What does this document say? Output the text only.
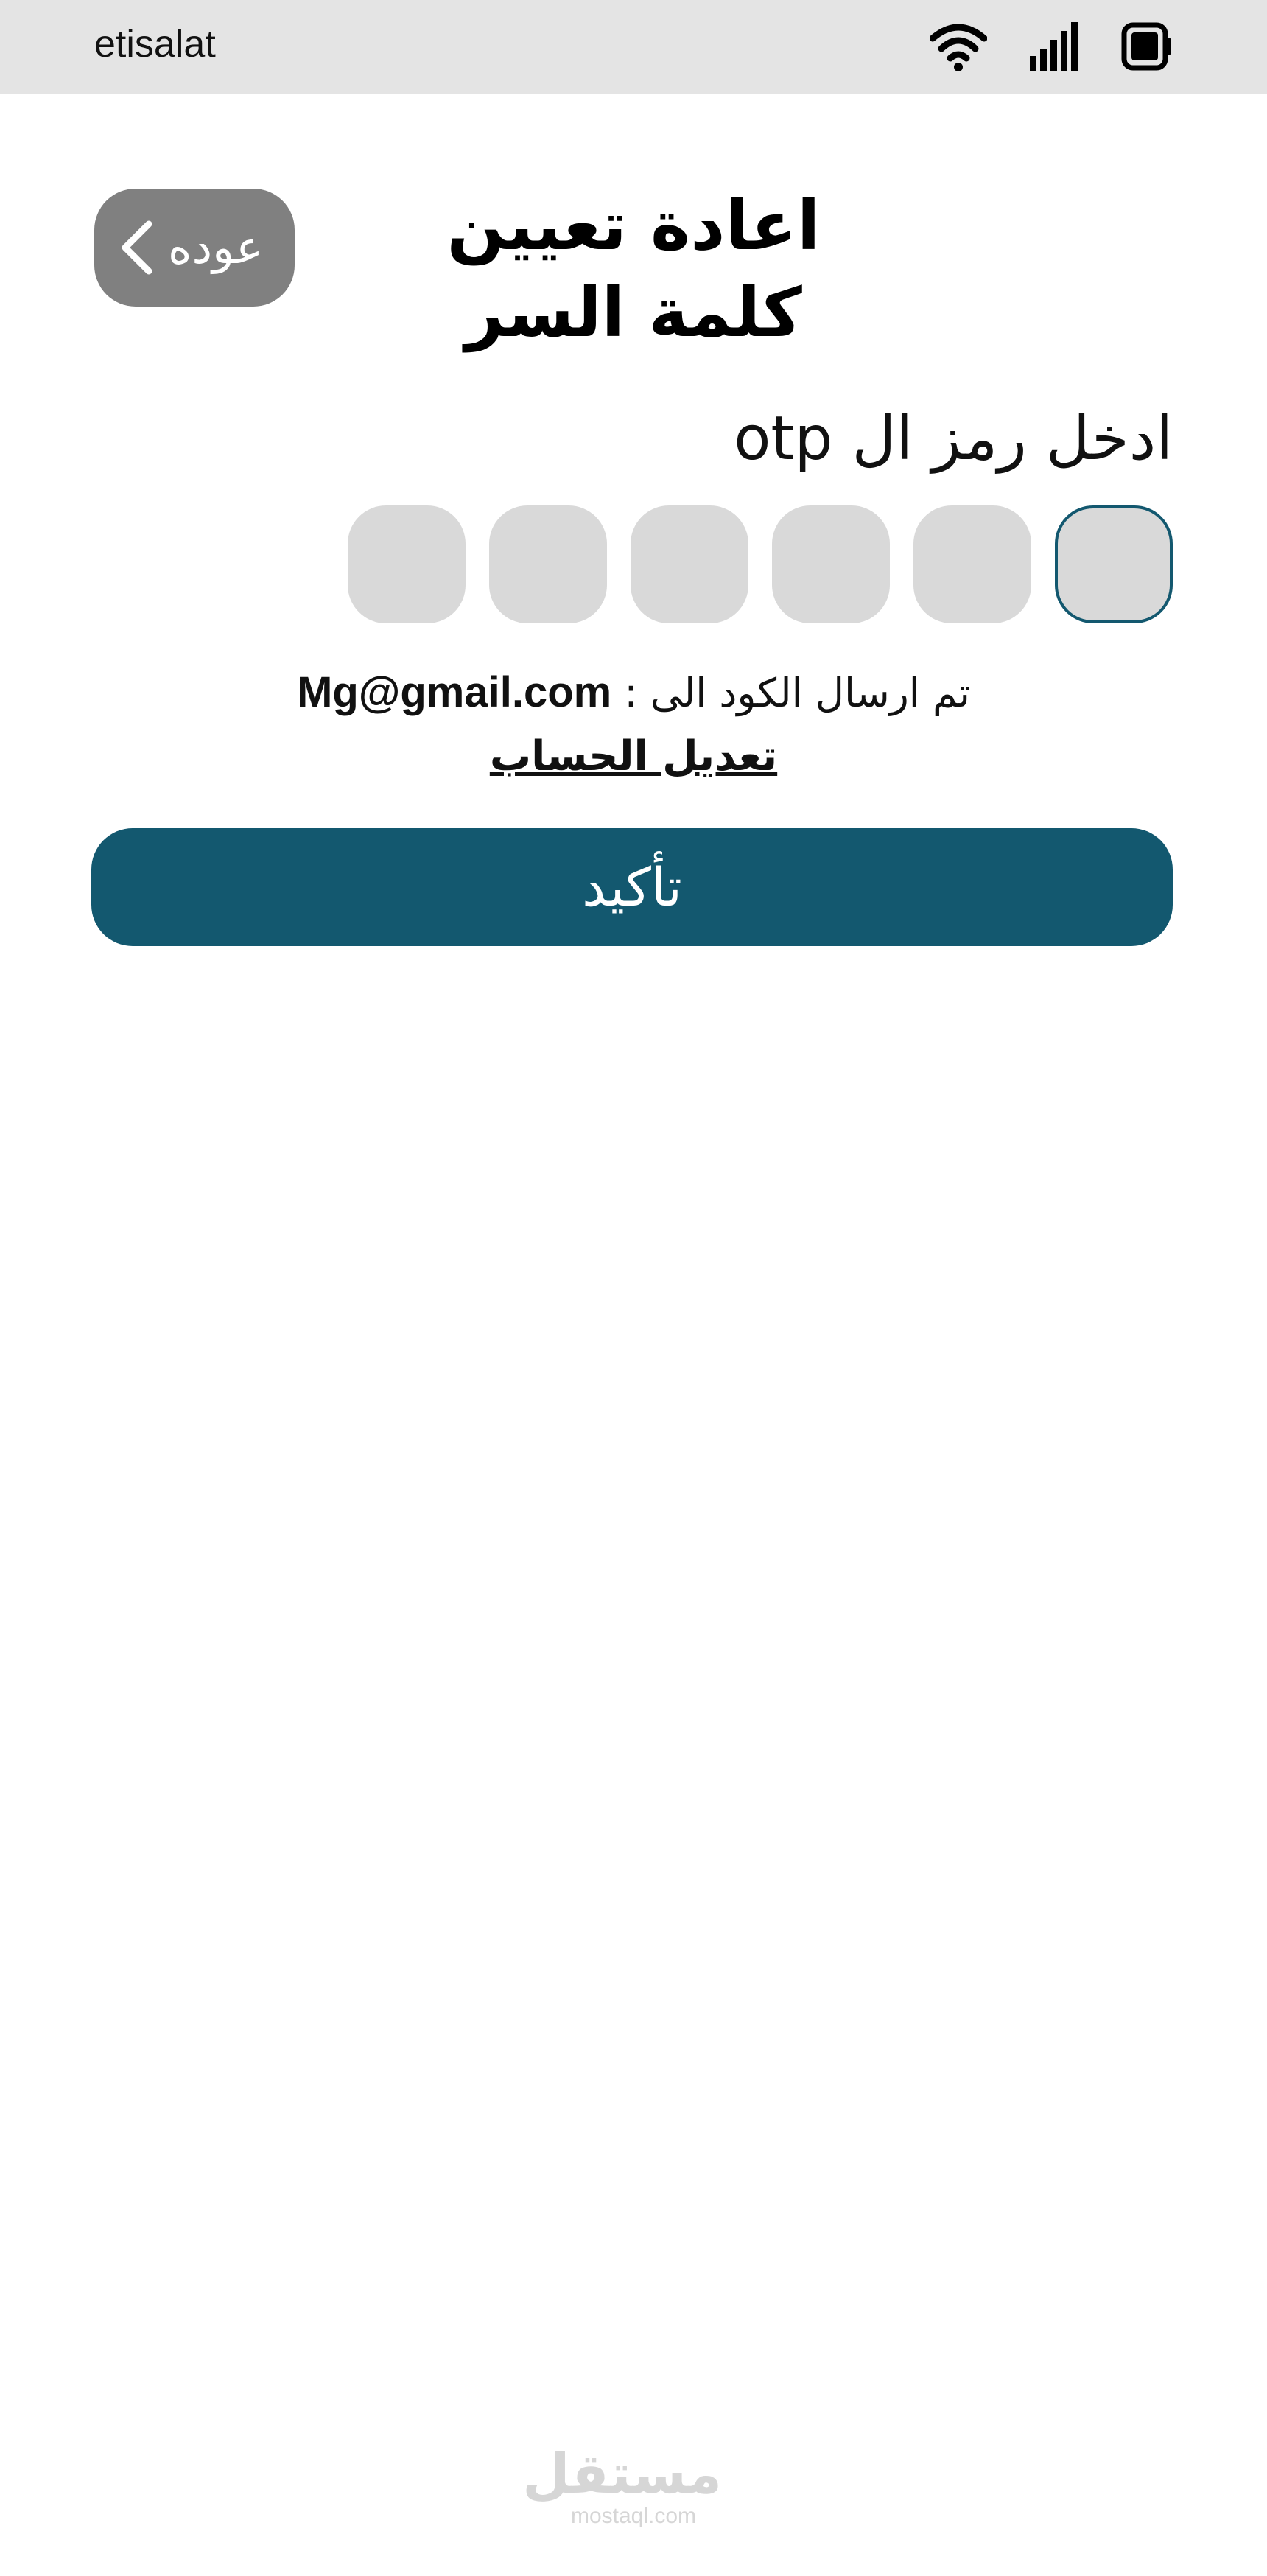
etisalat
عوده	اعادة تعيين
كلمة السر
ادخل رمز ال otp
Mg@gmail.com تم ارسال الكود الى :
تعديل الحساب
تأكيد
مستقل
mostaql.com
